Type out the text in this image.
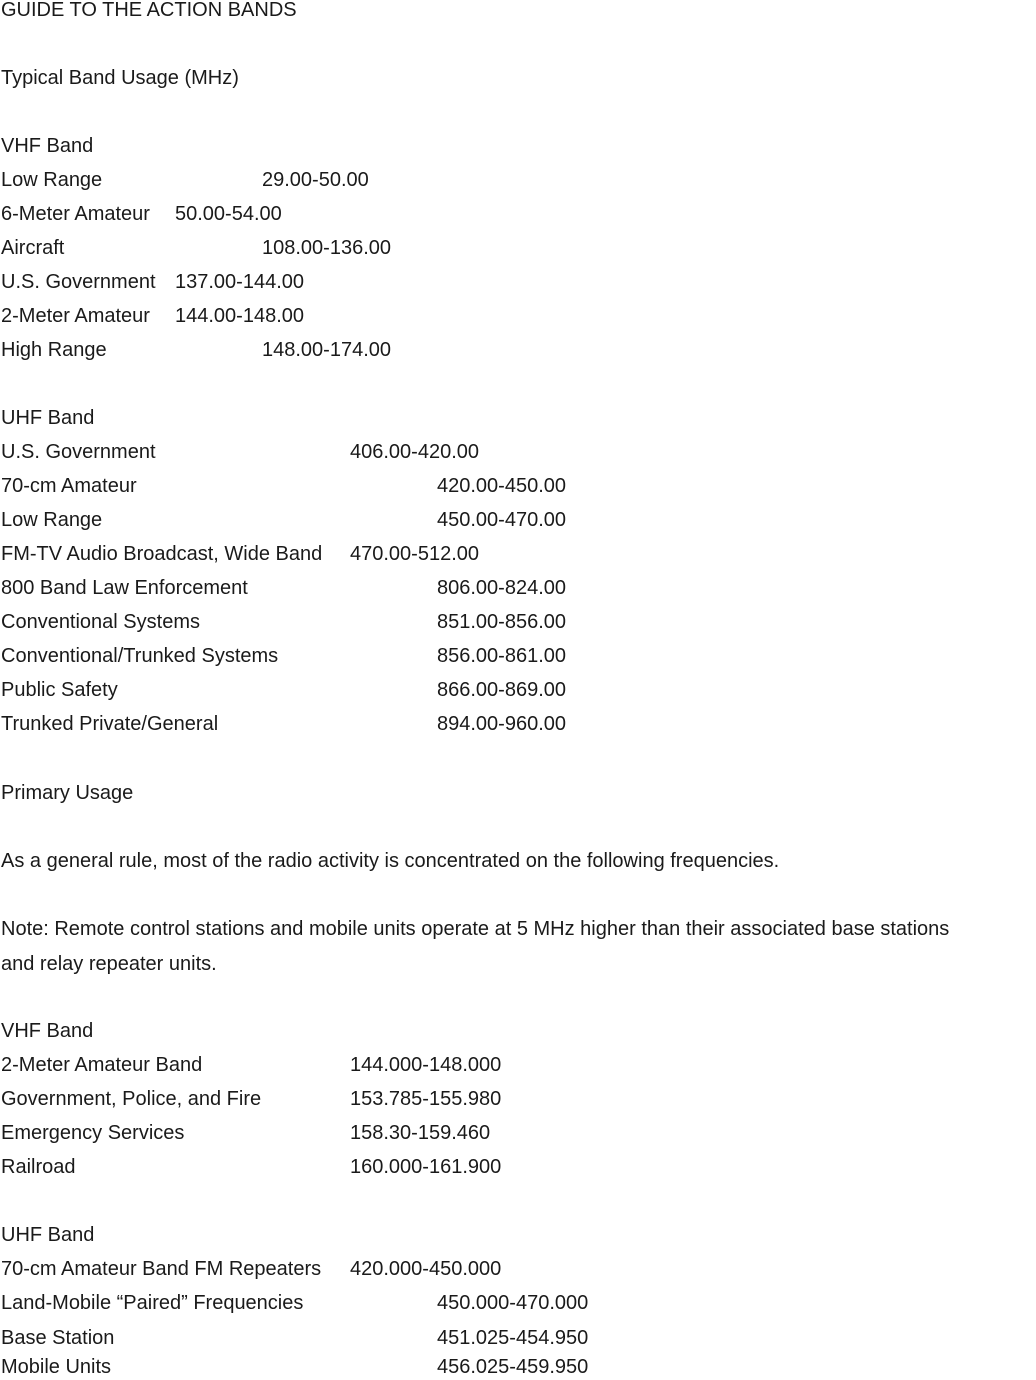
GUIDE TO THE ACTION BANDS
Typical Band Usage (MHz)
VHF Band
Low Range	29.00-50.00
6-Meter Amateur 50.00-54.00
Aircraft	108.00-136.00
U.S. Government 137.00-144.00
2-Meter Amateur 144.00-148.00
High Range	148.00-174.00
UHF Band
U.S. Government	406.00-420.00
70-cm Amateur	420.00-450.00
Low Range	450.00-470.00
FM-TV Audio Broadcast, Wide Band 470.00-512.00
800 Band Law Enforcement	806.00-824.00
Conventional Systems	851.00-856.00
Conventional/Trunked Systems	856.00-861.00
Public Safety	866.00-869.00
Trunked Private/General	894.00-960.00
Primary Usage
As a general rule, most of the radio activity is concentrated on the following frequencies.
Note: Remote control stations and mobile units operate at 5 MHz higher than their associated base stations
and relay repeater units.
VHF Band
2-Meter Amateur Band	144.000-148.000
Government, Police, and Fire	153.785-155.980
Emergency Services	158.30-159.460
Railroad	160.000-161.900
UHF Band
70-cm Amateur Band FM Repeaters 420.000-450.000
Land-Mobile “Paired” Frequencies	450.000-470.000
Base Station	451.025-454.950
Mobile Units	456.025-459.950
